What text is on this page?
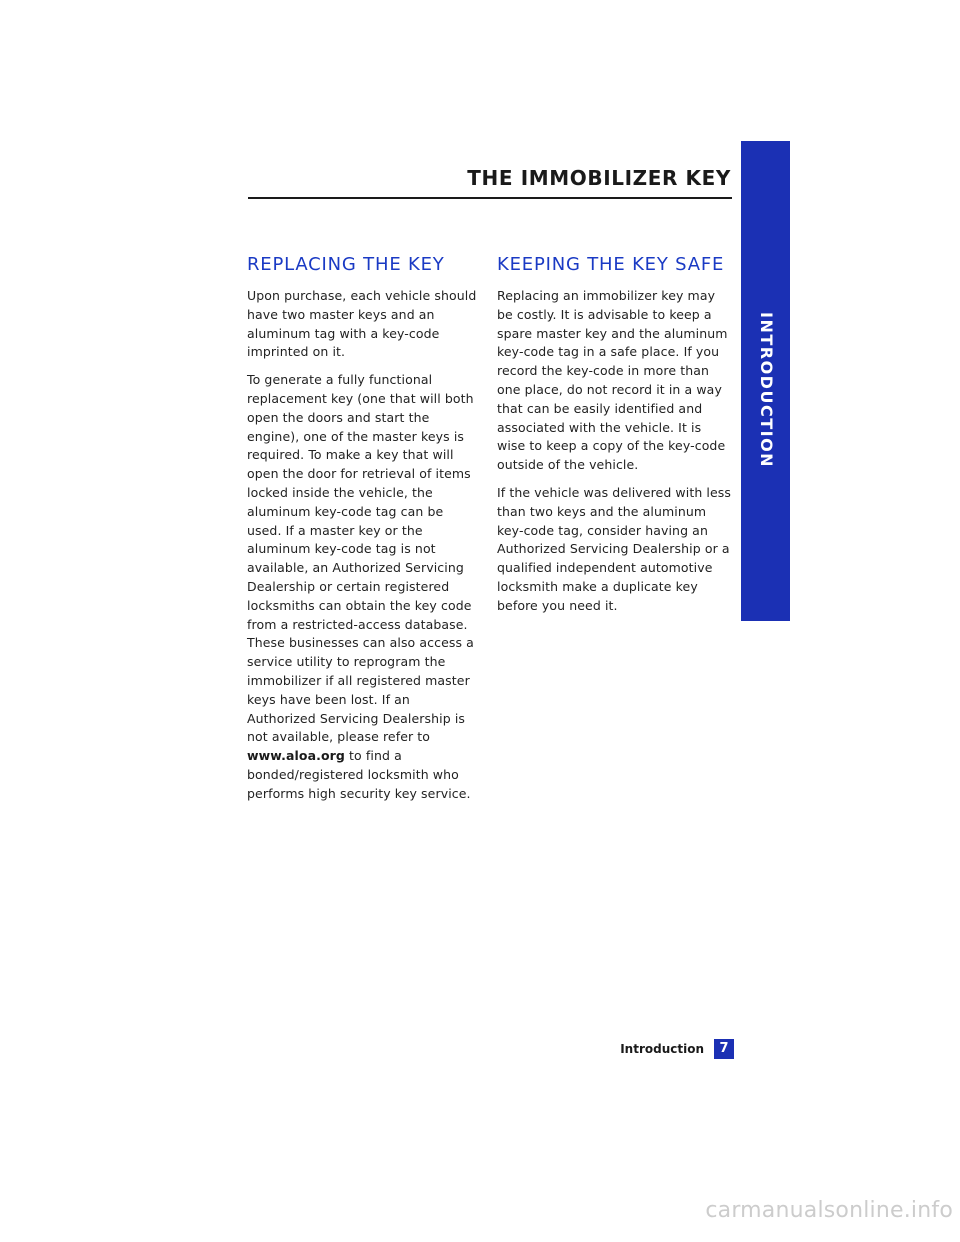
THE IMMOBILIZER KEY
REPLACING THE KEY

Upon purchase, each vehicle should have two master keys and an aluminum tag with a key-code imprinted on it.

To generate a fully functional replacement key (one that will both open the doors and start the engine), one of the master keys is required. To make a key that will open the door for retrieval of items locked inside the vehicle, the aluminum key-code tag can be used. If a master key or the aluminum key-code tag is not available, an Authorized Servicing Dealership or certain registered locksmiths can obtain the key code from a restricted-access database. These businesses can also access a service utility to reprogram the immobilizer if all registered master keys have been lost. If an Authorized Servicing Dealership is not available, please refer to www.aloa.org to find a bonded/registered locksmith who performs high security key service.

KEEPING THE KEY SAFE

Replacing an immobilizer key may be costly. It is advisable to keep a spare master key and the aluminum key-code tag in a safe place. If you record the key-code in more than one place, do not record it in a way that can be easily identified and associated with the vehicle. It is wise to keep a copy of the key-code outside of the vehicle.

If the vehicle was delivered with less than two keys and the aluminum key-code tag, consider having an Authorized Servicing Dealership or a qualified independent automotive locksmith make a duplicate key before you need it.

INTRODUCTION
Introduction	7
carmanualsonline.info
